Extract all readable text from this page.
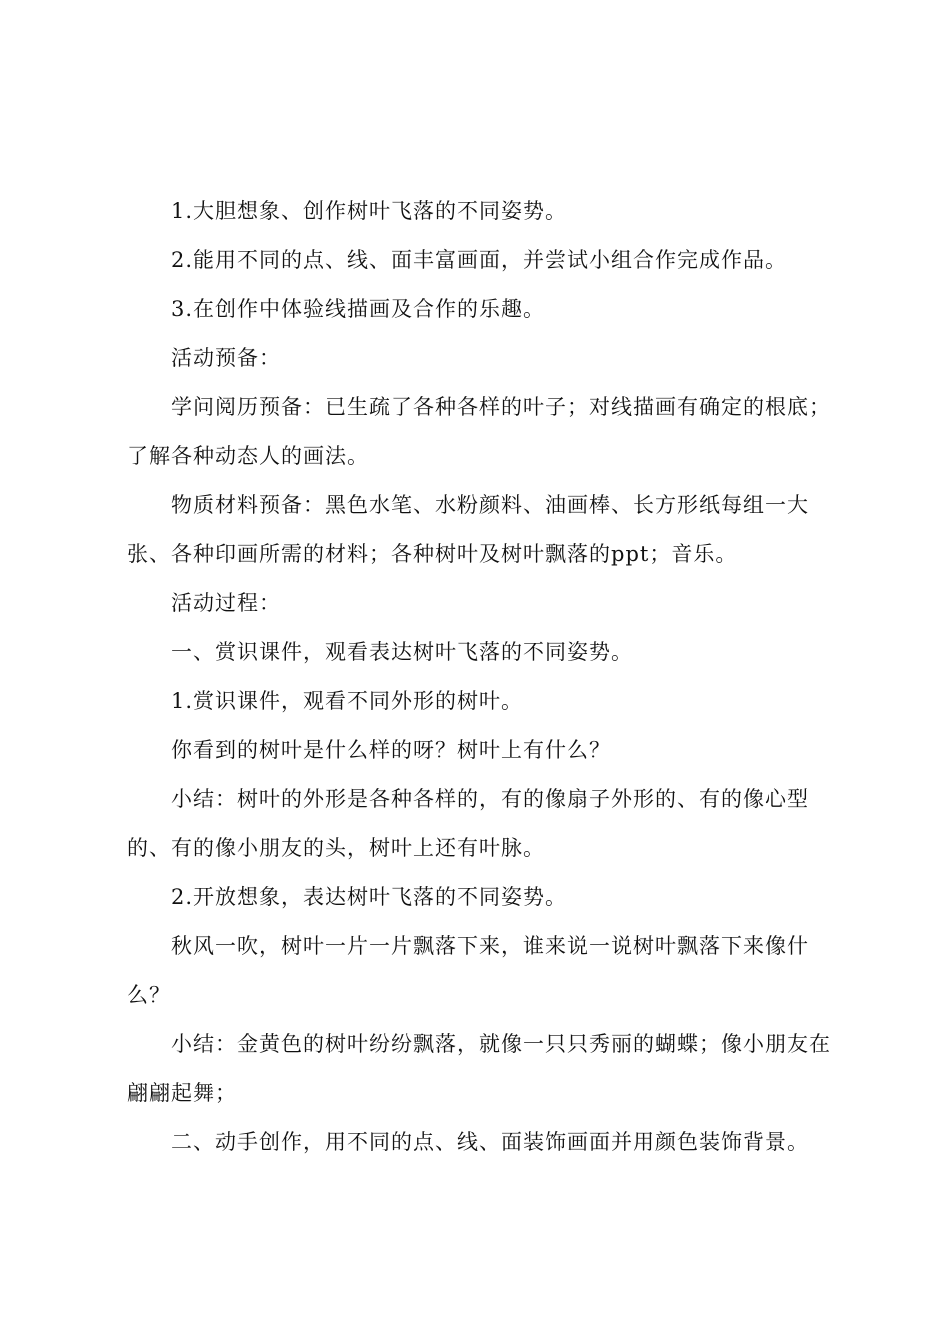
1.大胆想象、创作树叶飞落的不同姿势。

2.能用不同的点、线、面丰富画面，并尝试小组合作完成作品。

3.在创作中体验线描画及合作的乐趣。

活动预备：

学问阅历预备：已生疏了各种各样的叶子；对线描画有确定的根底；了解各种动态人的画法。

物质材料预备：黑色水笔、水粉颜料、油画棒、长方形纸每组一大张、各种印画所需的材料；各种树叶及树叶飘落的ppt；音乐。

活动过程：

一、赏识课件，观看表达树叶飞落的不同姿势。

1.赏识课件，观看不同外形的树叶。

你看到的树叶是什么样的呀？树叶上有什么？

小结：树叶的外形是各种各样的，有的像扇子外形的、有的像心型的、有的像小朋友的头，树叶上还有叶脉。

2.开放想象，表达树叶飞落的不同姿势。

秋风一吹，树叶一片一片飘落下来，谁来说一说树叶飘落下来像什么？

小结：金黄色的树叶纷纷飘落，就像一只只秀丽的蝴蝶；像小朋友在翩翩起舞；

二、动手创作，用不同的点、线、面装饰画面并用颜色装饰背景。
